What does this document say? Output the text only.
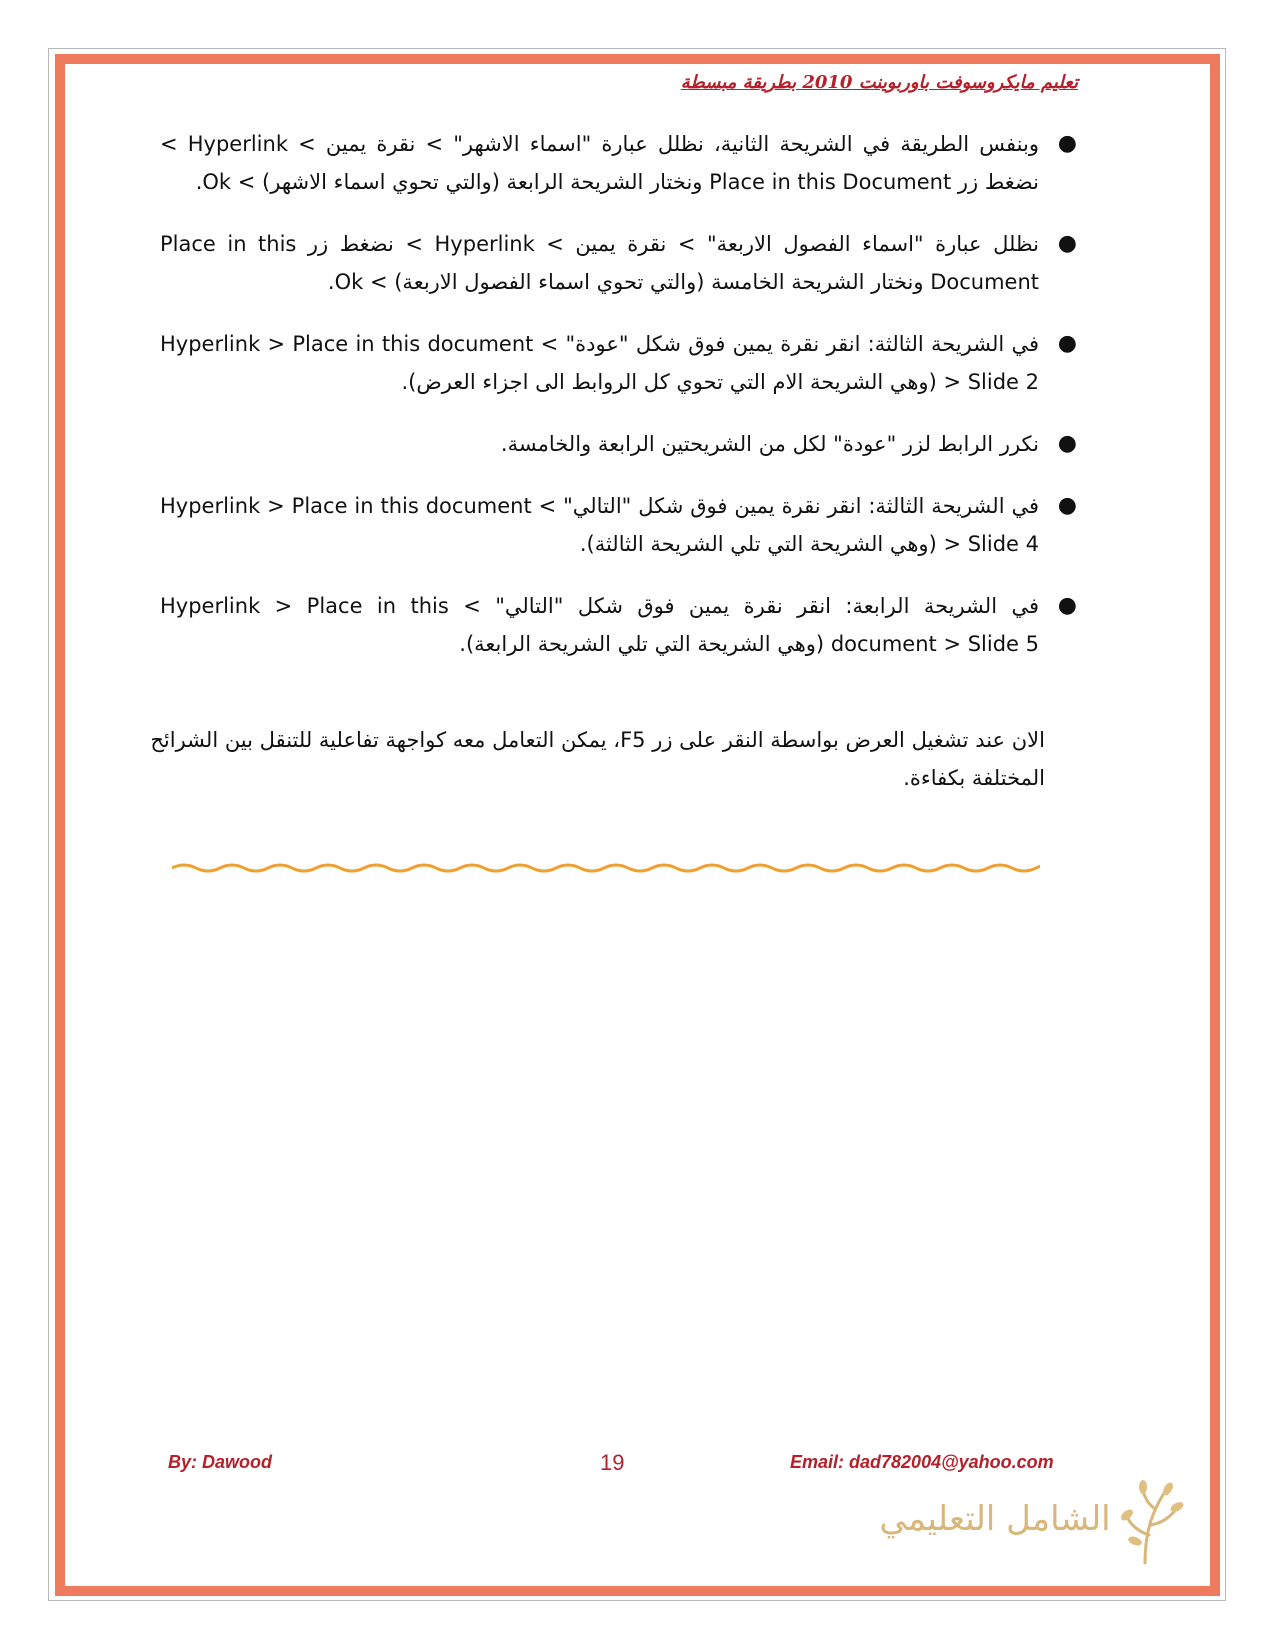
تعليم مايكروسوفت باوربوينت 2010 بطريقة مبسطة
●
وبنفس الطريقة في الشريحة الثانية، نظلل عبارة "اسماء الاشهر" > نقرة يمين > Hyperlink > نضغط زر Place in this Document ونختار الشريحة الرابعة (والتي تحوي اسماء الاشهر) > Ok.
●
نظلل عبارة "اسماء الفصول الاربعة" > نقرة يمين > Hyperlink > نضغط زر Place in this Document ونختار الشريحة الخامسة (والتي تحوي اسماء الفصول الاربعة) > Ok.
●
في الشريحة الثالثة: انقر نقرة يمين فوق شكل "عودة" > Hyperlink > Place in this document > Slide 2 (وهي الشريحة الام التي تحوي كل الروابط الى اجزاء العرض).
●
نكرر الرابط لزر "عودة" لكل من الشريحتين الرابعة والخامسة.
●
في الشريحة الثالثة: انقر نقرة يمين فوق شكل "التالي" > Hyperlink > Place in this document > Slide 4 (وهي الشريحة التي تلي الشريحة الثالثة).
●
في الشريحة الرابعة: انقر نقرة يمين فوق شكل "التالي" > Hyperlink > Place in this document > Slide 5 (وهي الشريحة التي تلي الشريحة الرابعة).

الان عند تشغيل العرض بواسطة النقر على زر F5، يمكن التعامل معه كواجهة تفاعلية للتنقل بين الشرائح المختلفة بكفاءة.

By: Dawood	19	Email: dad782004@yahoo.com
الشامل التعليمي
